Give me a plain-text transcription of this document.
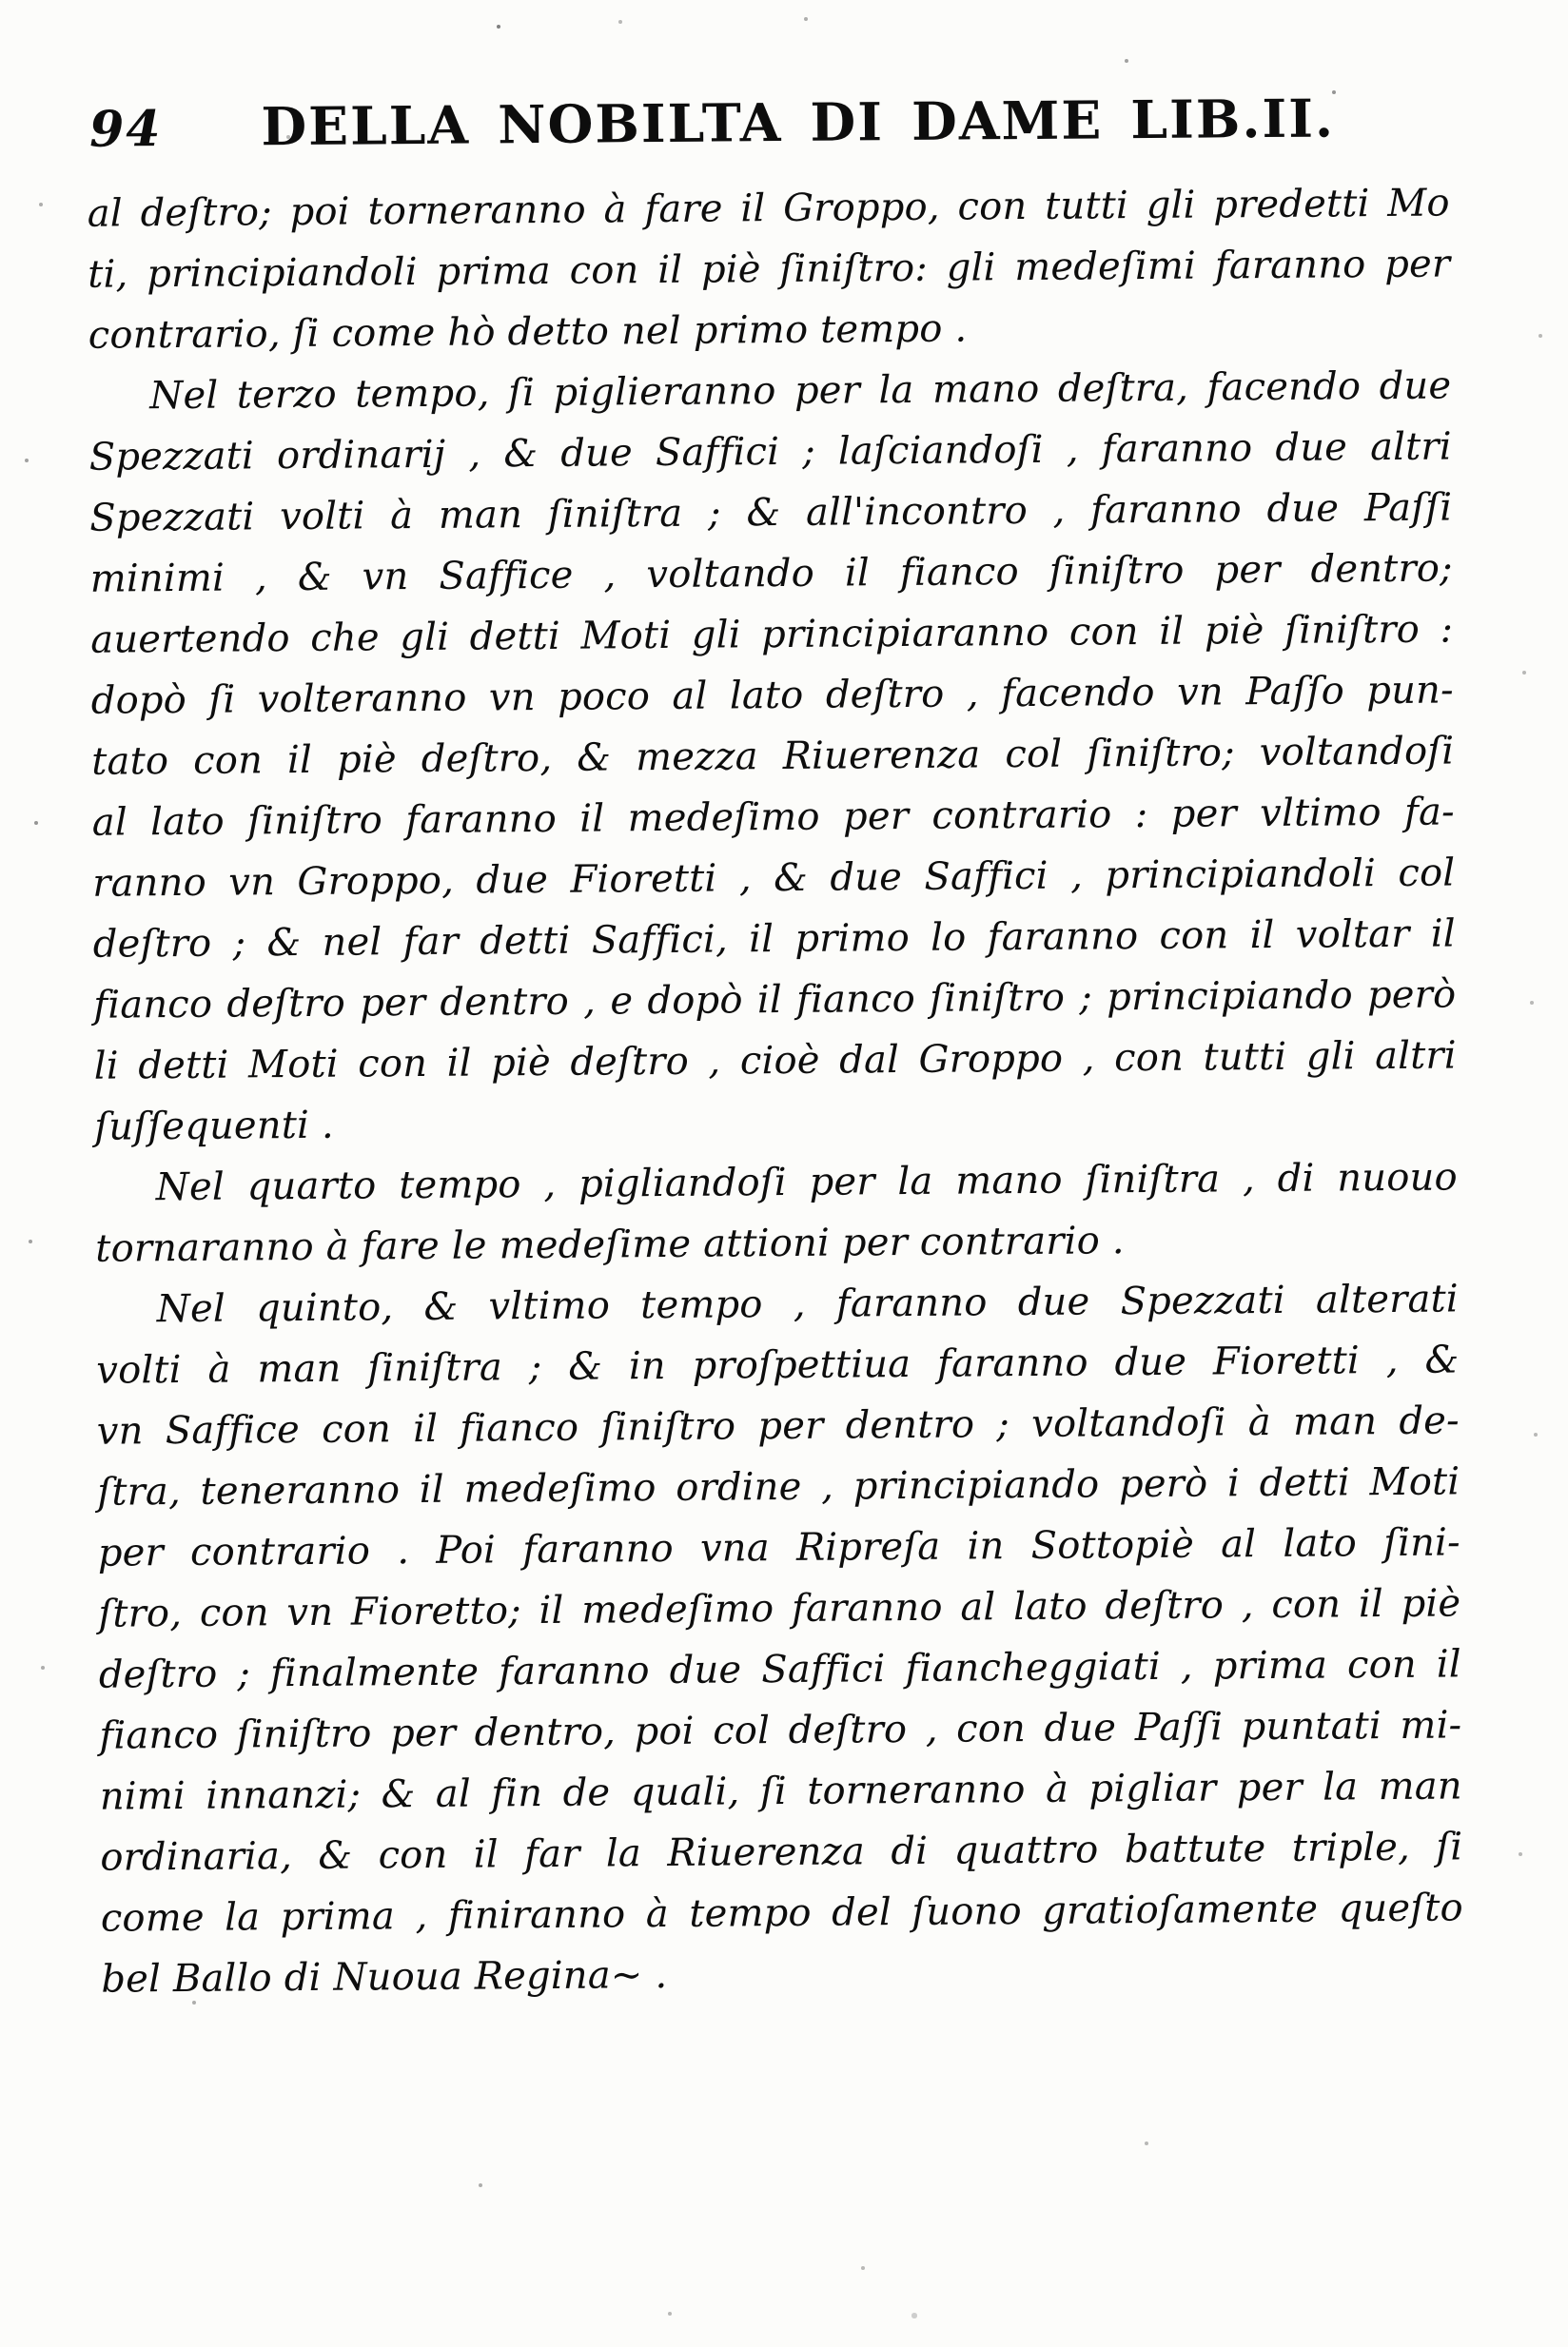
94 DELLA NOBILTA DI DAME LIB.II.
al deſtro; poi torneranno à fare il Groppo, con tutti gli predetti Mo
ti, principiandoli prima con il piè ſiniſtro: gli medeſimi faranno per
contrario, ſi come hò detto nel primo tempo .
Nel terzo tempo, ſi piglieranno per la mano deſtra, facendo due
Spezzati ordinarij , & due Saffici ; laſciandoſi , faranno due altri
Spezzati volti à man ſiniſtra ; & all'incontro , faranno due Paſſi
minimi , & vn Saffice , voltando il fianco ſiniſtro per dentro;
auertendo che gli detti Moti gli principiaranno con il piè ſiniſtro :
dopò ſi volteranno vn poco al lato deſtro , facendo vn Paſſo pun-
tato con il piè deſtro, & mezza Riuerenza col ſiniſtro; voltandoſi
al lato ſiniſtro faranno il medeſimo per contrario : per vltimo fa-
ranno vn Groppo, due Fioretti , & due Saffici , principiandoli col
deſtro ; & nel far detti Saffici, il primo lo faranno con il voltar il
fianco deſtro per dentro , e dopò il fianco ſiniſtro ; principiando però
li detti Moti con il piè deſtro , cioè dal Groppo , con tutti gli altri
ſuſſequenti .
Nel quarto tempo , pigliandoſi per la mano ſiniſtra , di nuouo
tornaranno à fare le medeſime attioni per contrario .
Nel quinto, & vltimo tempo , faranno due Spezzati alterati
volti à man ſiniſtra ; & in proſpettiua faranno due Fioretti , &
vn Saffice con il fianco ſiniſtro per dentro ; voltandoſi à man de-
ſtra, teneranno il medeſimo ordine , principiando però i detti Moti
per contrario . Poi faranno vna Ripreſa in Sottopiè al lato ſini-
ſtro, con vn Fioretto; il medeſimo faranno al lato deſtro , con il piè
deſtro ; finalmente faranno due Saffici fiancheggiati , prima con il
fianco ſiniſtro per dentro, poi col deſtro , con due Paſſi puntati mi-
nimi innanzi; & al fin de quali, ſi torneranno à pigliar per la man
ordinaria, & con il far la Riuerenza di quattro battute triple, ſi
come la prima , finiranno à tempo del ſuono gratioſamente queſto
bel Ballo di Nuoua Regina~ .
